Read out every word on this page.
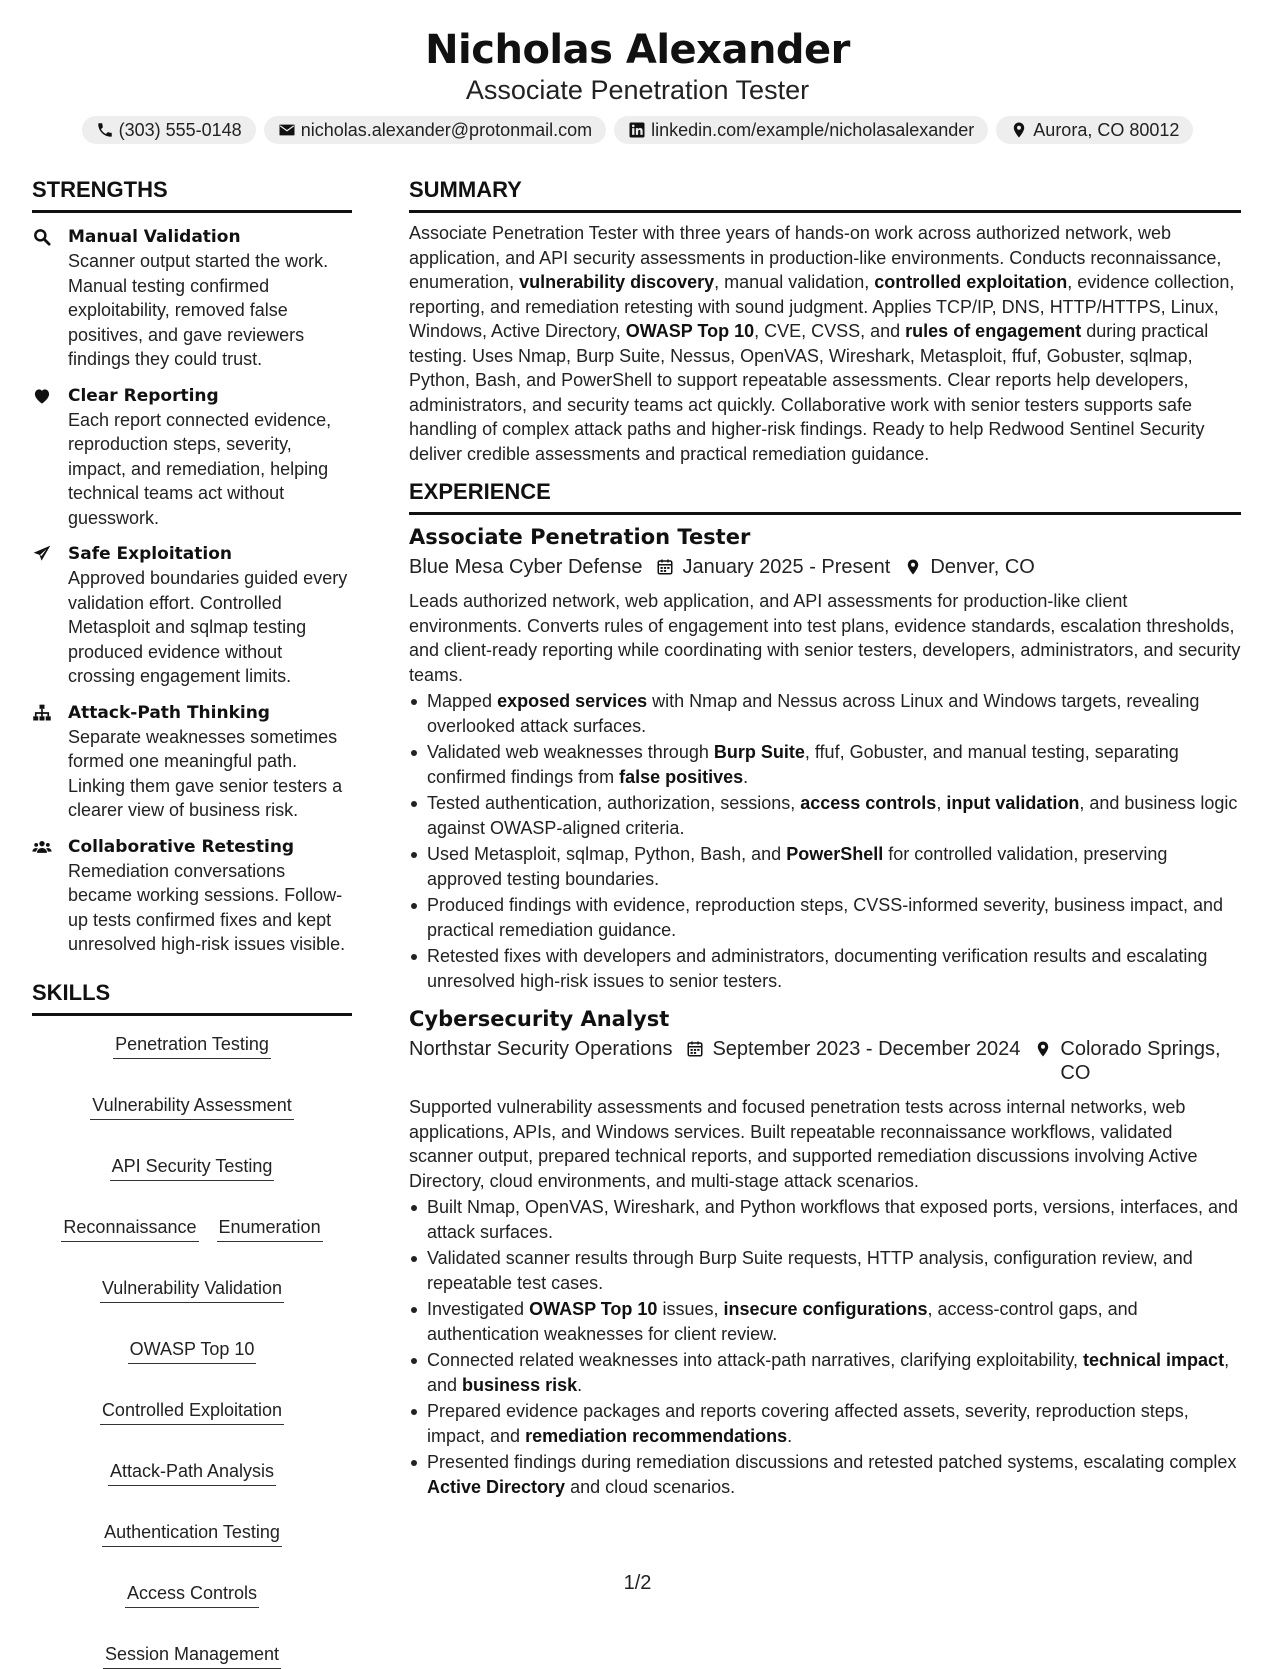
Nicholas Alexander
Associate Penetration Tester
(303) 555-0148	nicholas.alexander@protonmail.com	linkedin.com/example/nicholasalexander	Aurora, CO 80012
STRENGTHS
Manual Validation
Scanner output started the work. Manual testing confirmed exploitability, removed false positives, and gave reviewers findings they could trust.
Clear Reporting
Each report connected evidence, reproduction steps, severity, impact, and remediation, helping technical teams act without guesswork.
Safe Exploitation
Approved boundaries guided every validation effort. Controlled Metasploit and sqlmap testing produced evidence without crossing engagement limits.
Attack-Path Thinking
Separate weaknesses sometimes formed one meaningful path. Linking them gave senior testers a clearer view of business risk.
Collaborative Retesting
Remediation conversations became working sessions. Follow-up tests confirmed fixes and kept unresolved high-risk issues visible.
SKILLS
Penetration Testing
Vulnerability Assessment
API Security Testing
Reconnaissance Enumeration
Vulnerability Validation
OWASP Top 10
Controlled Exploitation
Attack-Path Analysis
Authentication Testing
Access Controls
Session Management
SUMMARY
Associate Penetration Tester with three years of hands-on work across authorized network, web application, and API security assessments in production-like environments. Conducts reconnaissance, enumeration, vulnerability discovery, manual validation, controlled exploitation, evidence collection, reporting, and remediation retesting with sound judgment. Applies TCP/IP, DNS, HTTP/HTTPS, Linux, Windows, Active Directory, OWASP Top 10, CVE, CVSS, and rules of engagement during practical testing. Uses Nmap, Burp Suite, Nessus, OpenVAS, Wireshark, Metasploit, ffuf, Gobuster, sqlmap, Python, Bash, and PowerShell to support repeatable assessments. Clear reports help developers, administrators, and security teams act quickly. Collaborative work with senior testers supports safe handling of complex attack paths and higher-risk findings. Ready to help Redwood Sentinel Security deliver credible assessments and practical remediation guidance.
EXPERIENCE
Associate Penetration Tester
Blue Mesa Cyber Defense January 2025 - Present Denver, CO
Leads authorized network, web application, and API assessments for production-like client environments. Converts rules of engagement into test plans, evidence standards, escalation thresholds, and client-ready reporting while coordinating with senior testers, developers, administrators, and security teams.
Mapped exposed services with Nmap and Nessus across Linux and Windows targets, revealing overlooked attack surfaces.
Validated web weaknesses through Burp Suite, ffuf, Gobuster, and manual testing, separating confirmed findings from false positives.
Tested authentication, authorization, sessions, access controls, input validation, and business logic against OWASP-aligned criteria.
Used Metasploit, sqlmap, Python, Bash, and PowerShell for controlled validation, preserving approved testing boundaries.
Produced findings with evidence, reproduction steps, CVSS-informed severity, business impact, and practical remediation guidance.
Retested fixes with developers and administrators, documenting verification results and escalating unresolved high-risk issues to senior testers.
Cybersecurity Analyst
Northstar Security Operations September 2023 - December 2024 Colorado Springs, CO
Supported vulnerability assessments and focused penetration tests across internal networks, web applications, APIs, and Windows services. Built repeatable reconnaissance workflows, validated scanner output, prepared technical reports, and supported remediation discussions involving Active Directory, cloud environments, and multi-stage attack scenarios.
Built Nmap, OpenVAS, Wireshark, and Python workflows that exposed ports, versions, interfaces, and attack surfaces.
Validated scanner results through Burp Suite requests, HTTP analysis, configuration review, and repeatable test cases.
Investigated OWASP Top 10 issues, insecure configurations, access-control gaps, and authentication weaknesses for client review.
Connected related weaknesses into attack-path narratives, clarifying exploitability, technical impact, and business risk.
Prepared evidence packages and reports covering affected assets, severity, reproduction steps, impact, and remediation recommendations.
Presented findings during remediation discussions and retested patched systems, escalating complex Active Directory and cloud scenarios.
1/2
